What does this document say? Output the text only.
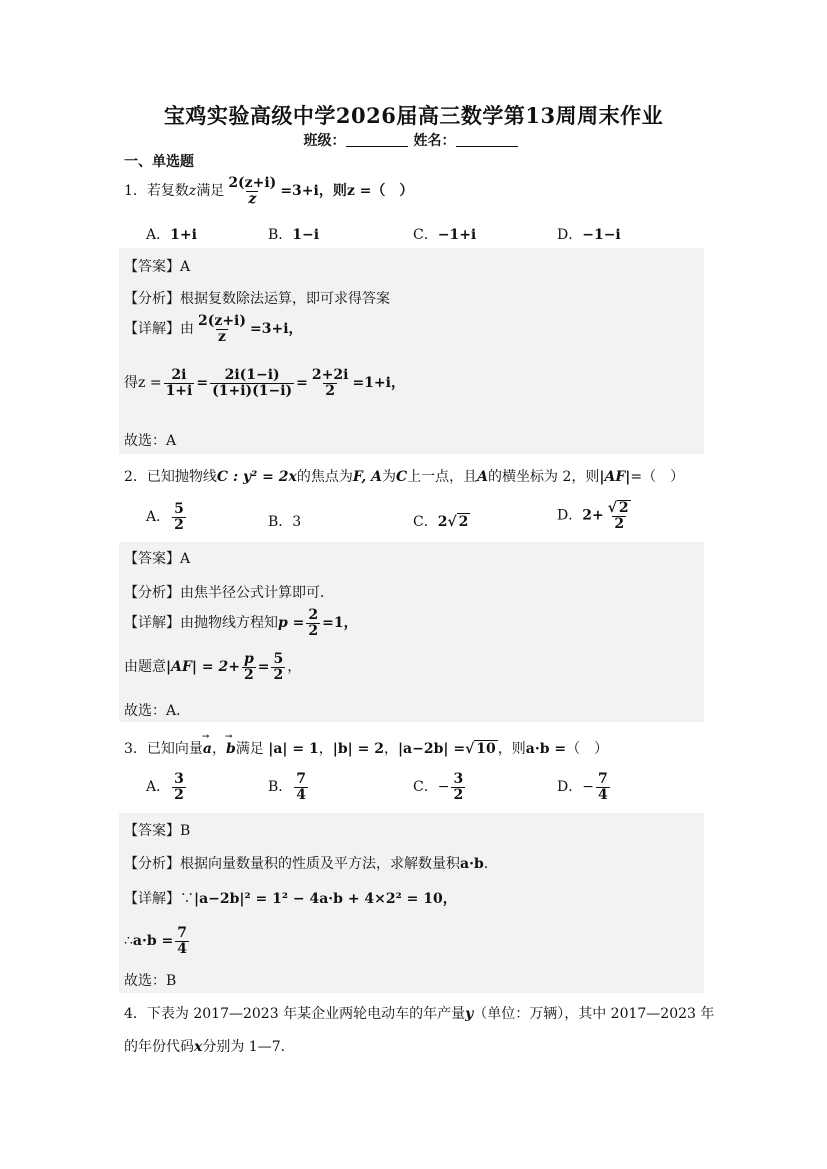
宝鸡实验高级中学2026届高三数学第13周周末作业
班级：	姓名：
一、单选题
1．若复数z满足 $\frac{2(z+i)}{z} =3+i$，则z =（　）
A．1+i	B．1−i	C．−1+i	D．−1−i
【答案】A
【分析】根据复数除法运算，即可求得答案
【详解】由 $\frac{2(z+i)}{z} =3+i$，
得$z = \frac{2i}{1+i} = \frac{2i(1-i)}{(1+i)(1-i)} = \frac{2+2i}{2} =1+i$，
故选：A
2．已知抛物线C : y² = 2x的焦点为F, A为C上一点，且A的横坐标为 2，则|AF|=（　）
A． $\frac{5}{2}$	B．3	C．2√ 2	D．$2+ \frac{√ 2}{2}$
【答案】A
【分析】由焦半径公式计算即可．
【详解】由抛物线方程知$p = \frac{2}{2} =1$，
由题意$|AF| = 2+ \frac{p}{2} = \frac{5}{2}$ ，
故选：A．
3．已知向量→ a，→ b满足 |a| = 1，|b| = 2，|a−2b| =√ 10 ，则a·b =（　）
A． $\frac{3}{2}$	B． $\frac{7}{4}$	C．− $\frac{3}{2}$	D．− $\frac{7}{4}$
【答案】B
【分析】根据向量数量积的性质及平方法，求解数量积a·b.
【详解】∵|a−2b|² = 1² − 4a·b + 4×2² = 10，
∴a·b = $\frac{7}{4}$
故选：B
4．下表为 2017—2023 年某企业两轮电动车的年产量y（单位：万辆），其中 2017—2023 年
的年份代码x分别为 1—7.
